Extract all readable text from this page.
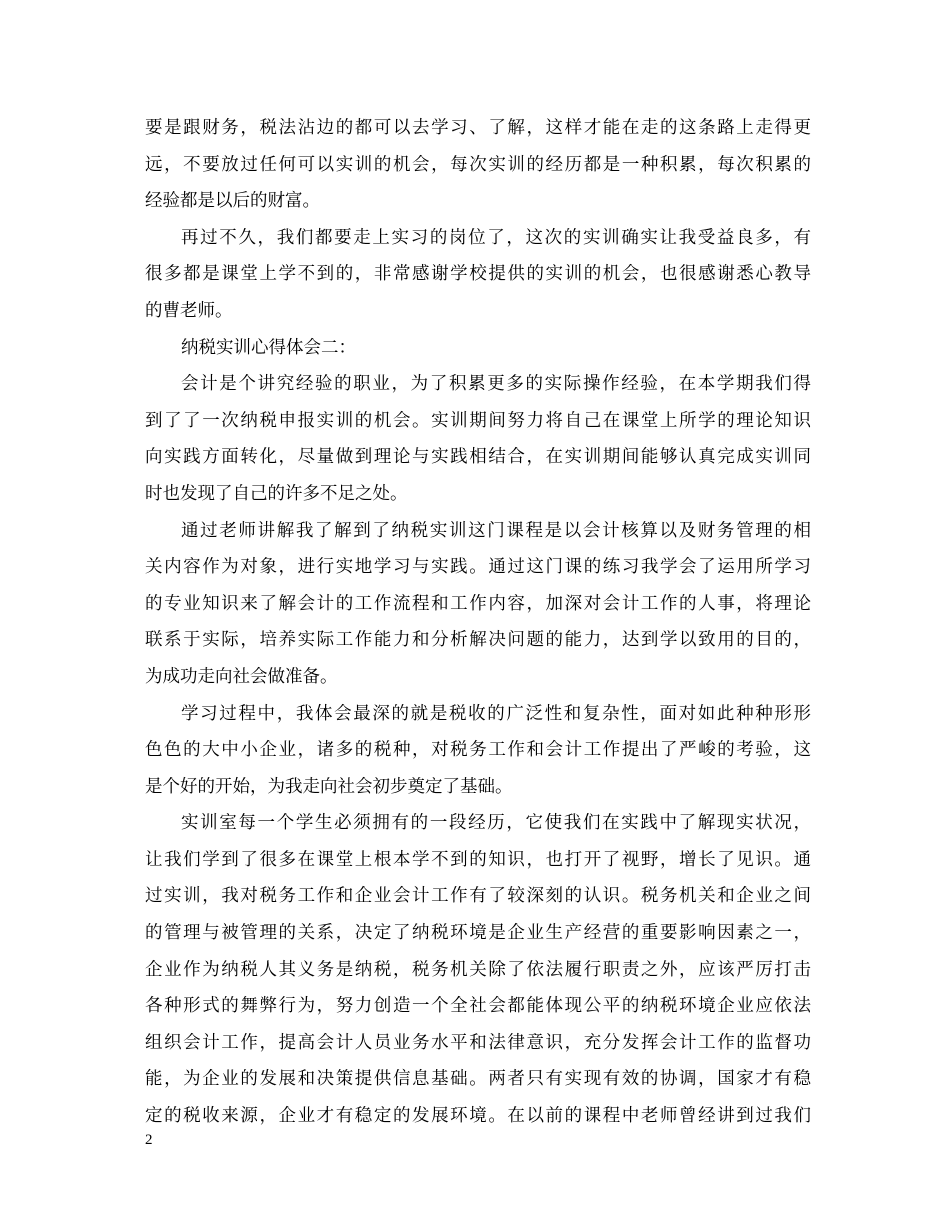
要是跟财务，税法沾边的都可以去学习、了解，这样才能在走的这条路上走得更
远，不要放过任何可以实训的机会，每次实训的经历都是一种积累，每次积累的
经验都是以后的财富。
再过不久，我们都要走上实习的岗位了，这次的实训确实让我受益良多，有
很多都是课堂上学不到的，非常感谢学校提供的实训的机会，也很感谢悉心教导
的曹老师。
纳税实训心得体会二：
会计是个讲究经验的职业，为了积累更多的实际操作经验，在本学期我们得
到了了一次纳税申报实训的机会。实训期间努力将自己在课堂上所学的理论知识
向实践方面转化，尽量做到理论与实践相结合，在实训期间能够认真完成实训同
时也发现了自己的许多不足之处。
通过老师讲解我了解到了纳税实训这门课程是以会计核算以及财务管理的相
关内容作为对象，进行实地学习与实践。通过这门课的练习我学会了运用所学习
的专业知识来了解会计的工作流程和工作内容，加深对会计工作的人事，将理论
联系于实际，培养实际工作能力和分析解决问题的能力，达到学以致用的目的，
为成功走向社会做准备。
学习过程中，我体会最深的就是税收的广泛性和复杂性，面对如此种种形形
色色的大中小企业，诸多的税种，对税务工作和会计工作提出了严峻的考验，这
是个好的开始，为我走向社会初步奠定了基础。
实训室每一个学生必须拥有的一段经历，它使我们在实践中了解现实状况，
让我们学到了很多在课堂上根本学不到的知识，也打开了视野，增长了见识。通
过实训，我对税务工作和企业会计工作有了较深刻的认识。税务机关和企业之间
的管理与被管理的关系，决定了纳税环境是企业生产经营的重要影响因素之一，
企业作为纳税人其义务是纳税，税务机关除了依法履行职责之外，应该严厉打击
各种形式的舞弊行为，努力创造一个全社会都能体现公平的纳税环境企业应依法
组织会计工作，提高会计人员业务水平和法律意识，充分发挥会计工作的监督功
能，为企业的发展和决策提供信息基础。两者只有实现有效的协调，国家才有稳
定的税收来源，企业才有稳定的发展环境。在以前的课程中老师曾经讲到过我们
2
